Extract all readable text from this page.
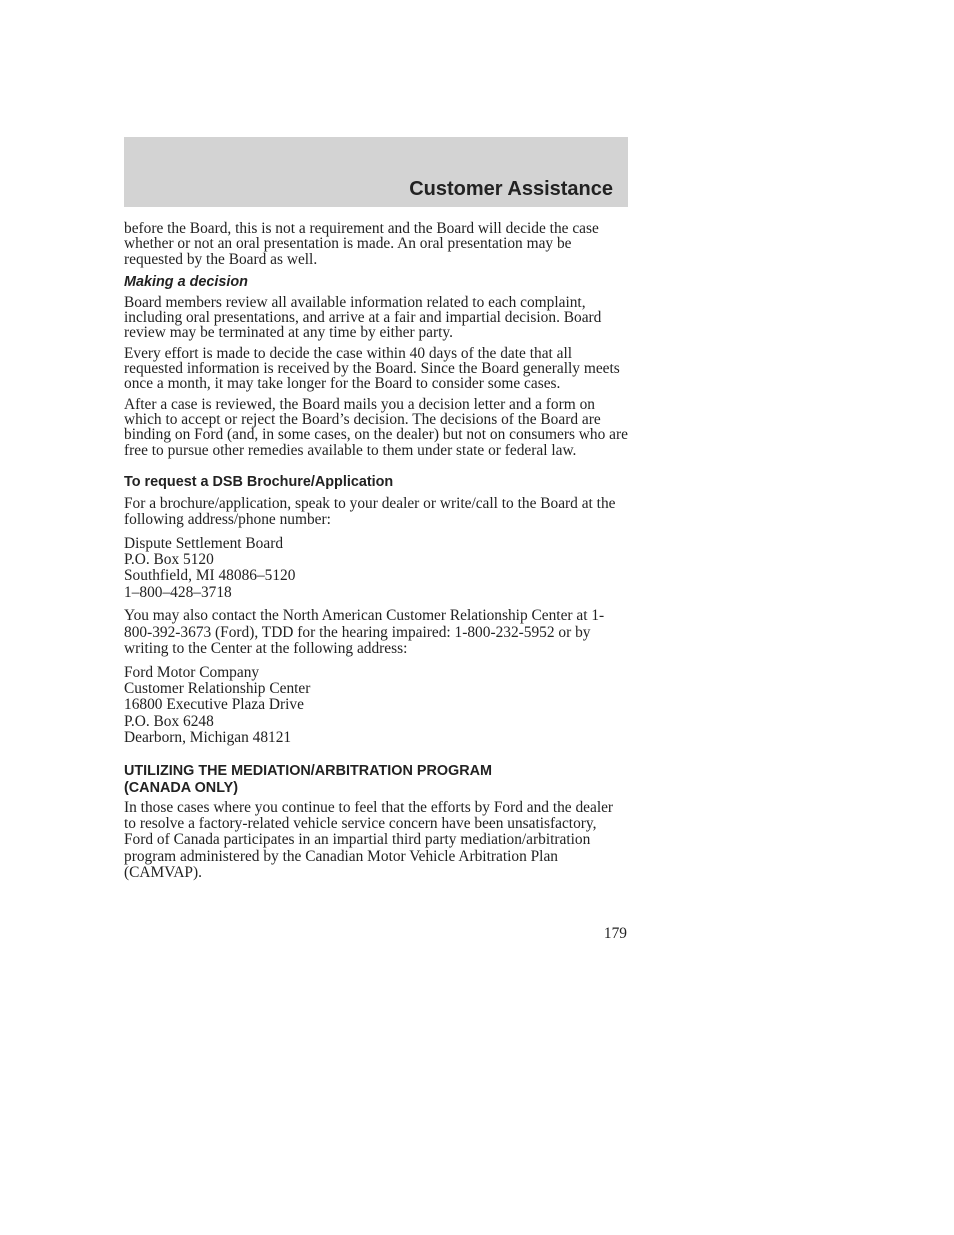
Customer Assistance

before the Board, this is not a requirement and the Board will decide the case whether or not an oral presentation is made. An oral presentation may be requested by the Board as well.

Making a decision

Board members review all available information related to each complaint, including oral presentations, and arrive at a fair and impartial decision. Board review may be terminated at any time by either party.

Every effort is made to decide the case within 40 days of the date that all requested information is received by the Board. Since the Board generally meets once a month, it may take longer for the Board to consider some cases.

After a case is reviewed, the Board mails you a decision letter and a form on which to accept or reject the Board’s decision. The decisions of the Board are binding on Ford (and, in some cases, on the dealer) but not on consumers who are free to pursue other remedies available to them under state or federal law.

To request a DSB Brochure/Application

For a brochure/application, speak to your dealer or write/call to the Board at the following address/phone number:

Dispute Settlement Board
P.O. Box 5120
Southfield, MI 48086–5120
1–800–428–3718

You may also contact the North American Customer Relationship Center at 1-800-392-3673 (Ford), TDD for the hearing impaired: 1-800-232-5952 or by writing to the Center at the following address:

Ford Motor Company
Customer Relationship Center
16800 Executive Plaza Drive
P.O. Box 6248
Dearborn, Michigan 48121

UTILIZING THE MEDIATION/ARBITRATION PROGRAM
(CANADA ONLY)

In those cases where you continue to feel that the efforts by Ford and the dealer to resolve a factory-related vehicle service concern have been unsatisfactory, Ford of Canada participates in an impartial third party mediation/arbitration program administered by the Canadian Motor Vehicle Arbitration Plan (CAMVAP).

179
